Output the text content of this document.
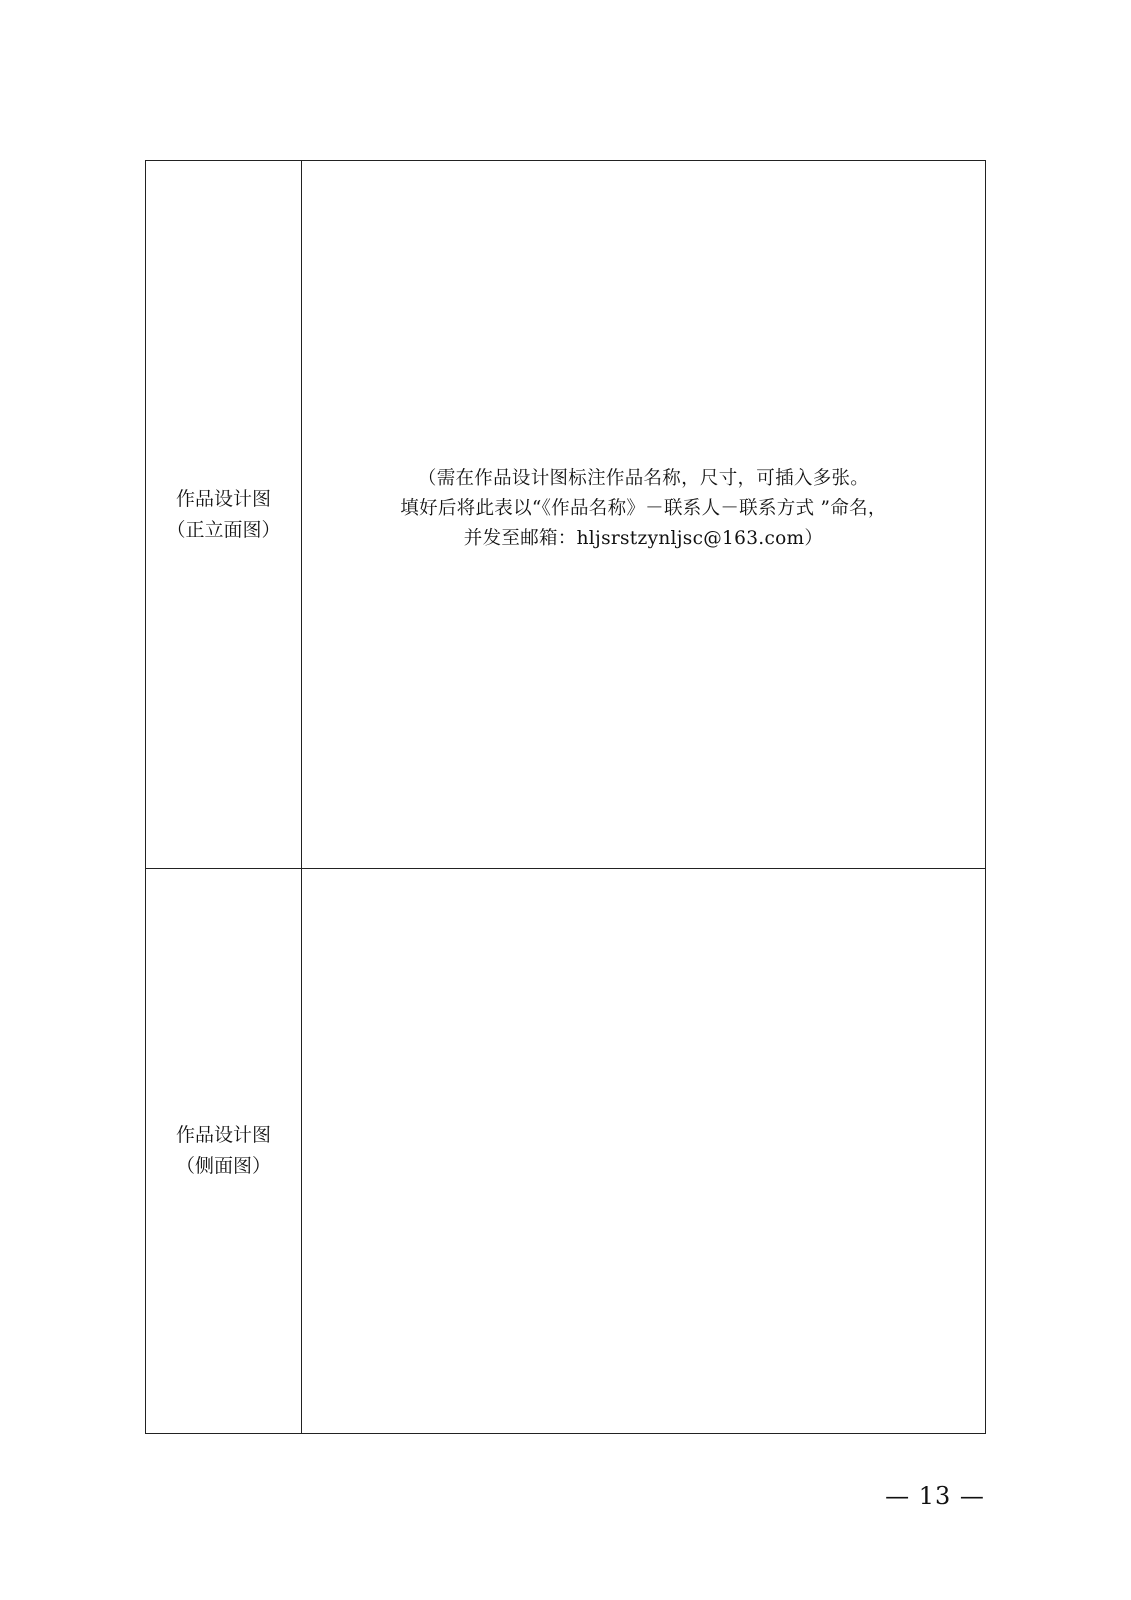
作品设计图
（正立面图）
（需在作品设计图标注作品名称，尺寸，可插入多张。
填好后将此表以“《作品名称》－联系人－联系方式 ”命名，
并发至邮箱：hljsrstzynljsc@163.com）
作品设计图
（侧面图）
— 13 —
